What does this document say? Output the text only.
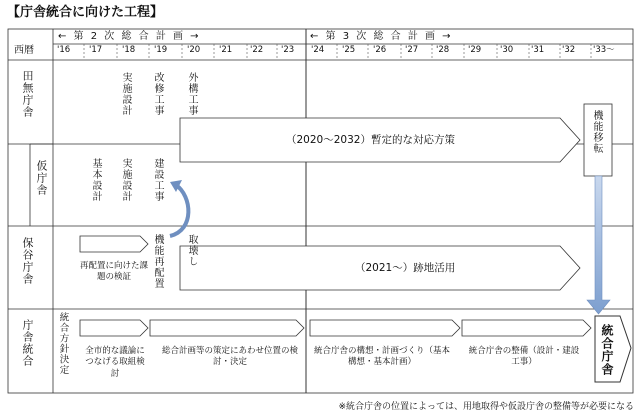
【庁舎統合に向けた工程】
← 第 2 次 総 合 計 画 →	← 第 3 次 総 合 計 画 →
西暦	'16 '17 '18 '19 '20 '21 '22 '23 '24 '25 '26 '27 '28 '29 '30 '31 '32 '33〜
田無庁舎
仮庁舎
保谷庁舎
庁舎統合
実施設計 改修工事 外構工事
（2020〜2032）暫定的な対応方策	機能移転
基本設計 実施設計 建設工事
機能再配置 取壊し
再配置に向けた課題の検証
（2021〜）跡地活用
統合方針決定	全市的な議論につなげる取組検討
総合計画等の策定にあわせ位置の検討・決定
統合庁舎の構想・計画づくり（基本構想・基本計画）
統合庁舎の整備（設計・建設工事）	統合庁舎
※統合庁舎の位置によっては、用地取得や仮設庁舎の整備等が必要になる
